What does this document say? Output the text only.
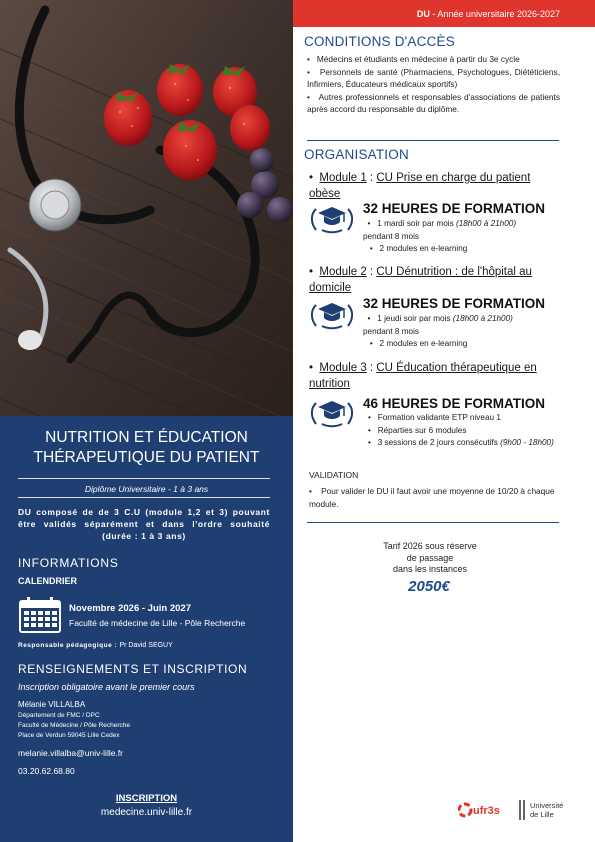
NUTRITION ET ÉDUCATION
THÉRAPEUTIQUE DU PATIENT
Diplôme Universitaire - 1 à 3 ans
DU composé de de 3 C.U (module 1,2 et 3) pouvant être validés séparément et dans l'ordre souhaité (durée : 1 à 3 ans)
INFORMATIONS
CALENDRIER
Novembre 2026 - Juin 2027
Faculté de médecine de Lille - Pôle Recherche
Responsable pédagogique : Pr David SEGUY
RENSEIGNEMENTS ET INSCRIPTION
Inscription obligatoire avant le premier cours
Mélanie VILLALBA
Département de FMC / DPC
Faculté de Médecine / Pôle Recherche
Place de Verdun 59045 Lille Cedex
melanie.villalba@univ-lille.fr
03.20.62.68.80
INSCRIPTION
medecine.univ-lille.fr
DU - Année universitaire 2026-2027
CONDITIONS D'ACCÈS
•   Médecins et étudiants en médecine à partir du 3e cycle
•   Personnels de santé (Pharmaciens, Psychologues, Diététiciens, Infirmiers, Éducateurs médicaux sportifs)
•   Autres professionnels et responsables d'associations de patients après accord du responsable du diplôme.
ORGANISATION
•  Module 1 : CU Prise en charge du patient obèse
32 HEURES DE FORMATION
•   1 mardi soir par mois (18h00 à 21h00)
pendant 8 mois
•   2 modules en e-learning
•  Module 2 : CU Dénutrition : de l'hôpital au domicile
32 HEURES DE FORMATION
•   1 jeudi soir par mois (18h00 à 21h00)
pendant 8 mois
•   2 modules en e-learning
•  Module 3 : CU Éducation thérapeutique en nutrition
46 HEURES DE FORMATION
•   Formation validante ETP niveau 1
•   Réparties sur 6 modules
•   3 sessions de 2 jours consécutifs (9h00 - 18h00)
VALIDATION
•    Pour valider le DU il faut avoir une moyenne de 10/20 à chaque module.
Tarif 2026 sous réserve
de passage
dans les instances
2050€
ufr3s	Université
de Lille
